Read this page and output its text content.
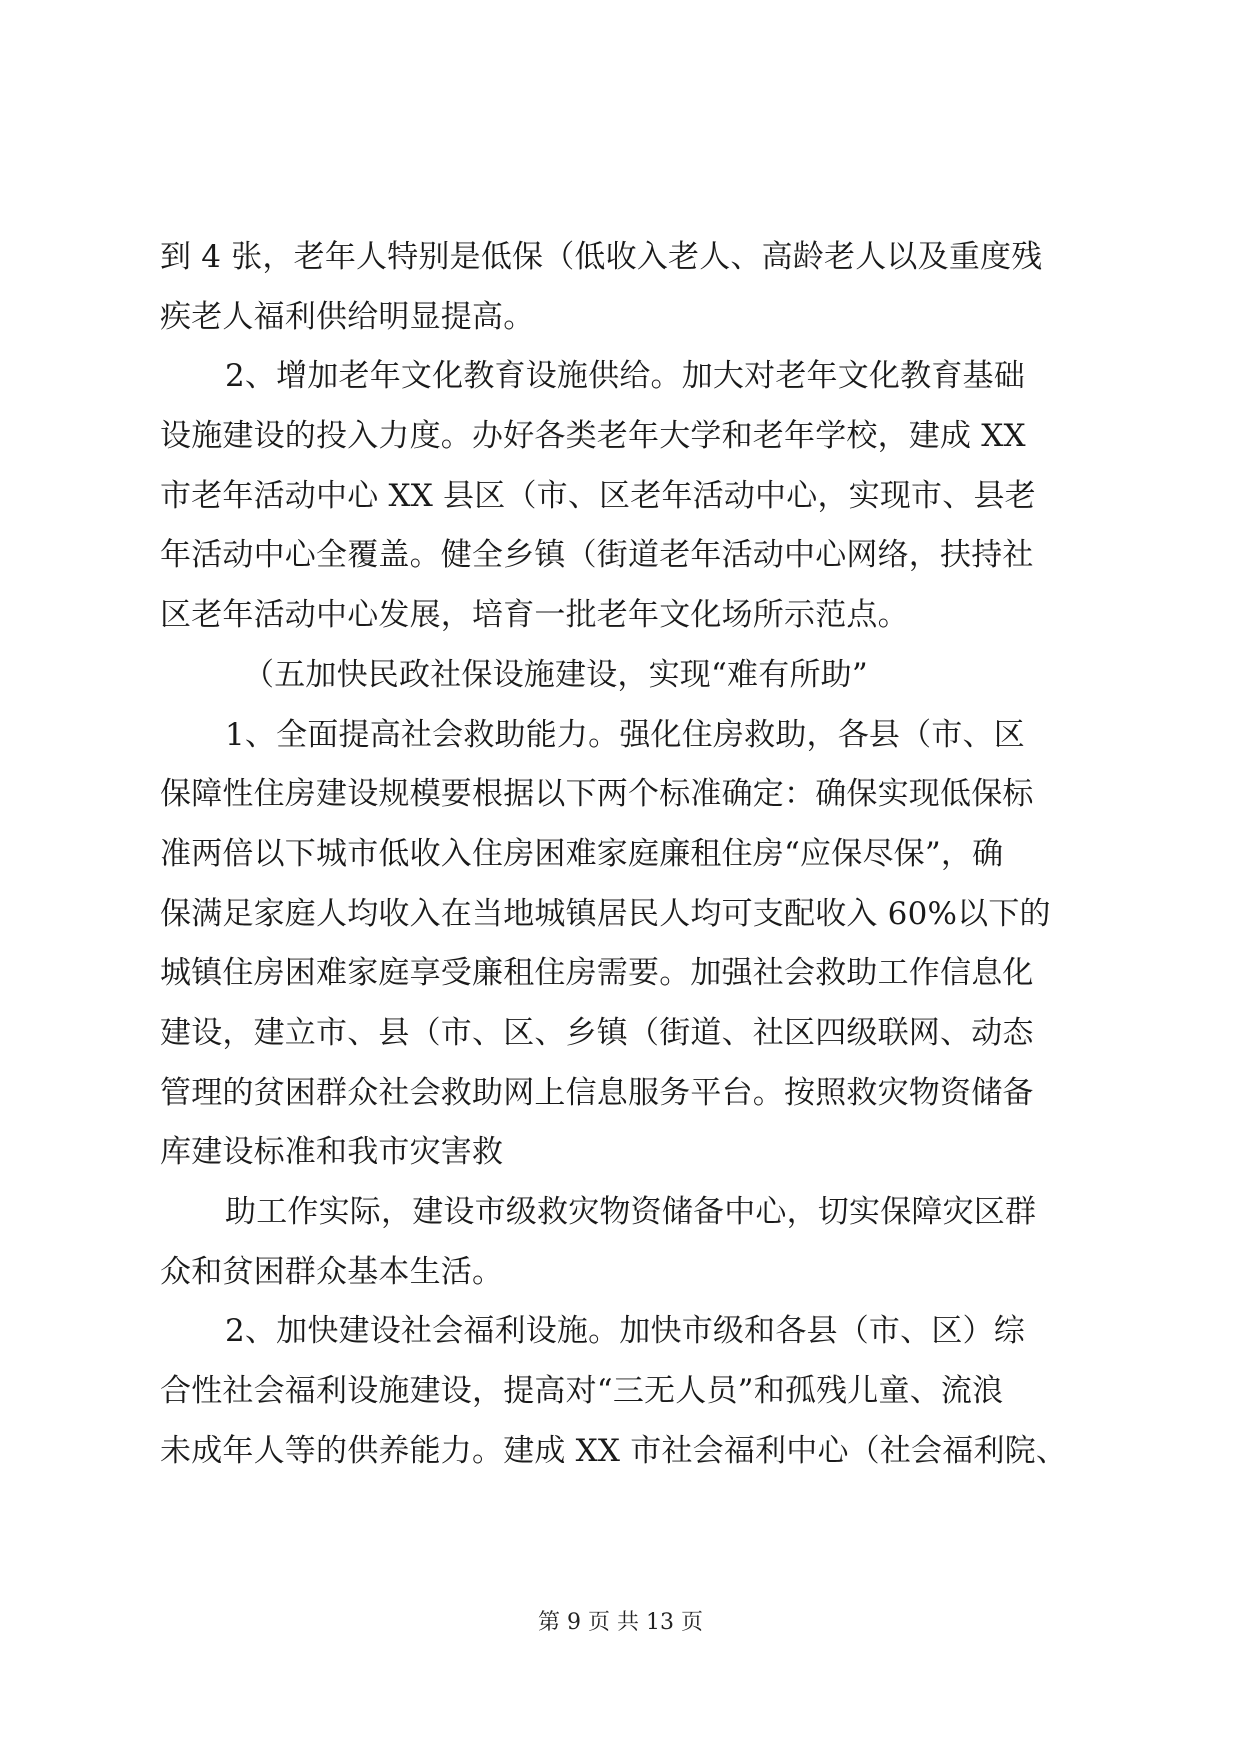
到 4 张，老年人特别是低保（低收入老人、高龄老人以及重度残
疾老人福利供给明显提高。
2、增加老年文化教育设施供给。加大对老年文化教育基础
设施建设的投入力度。办好各类老年大学和老年学校，建成 XX
市老年活动中心 XX 县区（市、区老年活动中心，实现市、县老
年活动中心全覆盖。健全乡镇（街道老年活动中心网络，扶持社
区老年活动中心发展，培育一批老年文化场所示范点。
（五加快民政社保设施建设，实现“难有所助”
1、全面提高社会救助能力。强化住房救助，各县（市、区
保障性住房建设规模要根据以下两个标准确定：确保实现低保标
准两倍以下城市低收入住房困难家庭廉租住房“应保尽保”，确
保满足家庭人均收入在当地城镇居民人均可支配收入 60%以下的
城镇住房困难家庭享受廉租住房需要。加强社会救助工作信息化
建设，建立市、县（市、区、乡镇（街道、社区四级联网、动态
管理的贫困群众社会救助网上信息服务平台。按照救灾物资储备
库建设标准和我市灾害救
助工作实际，建设市级救灾物资储备中心，切实保障灾区群
众和贫困群众基本生活。
2、加快建设社会福利设施。加快市级和各县（市、区）综
合性社会福利设施建设，提高对“三无人员”和孤残儿童、流浪
未成年人等的供养能力。建成 XX 市社会福利中心（社会福利院、
第 9 页 共 13 页
